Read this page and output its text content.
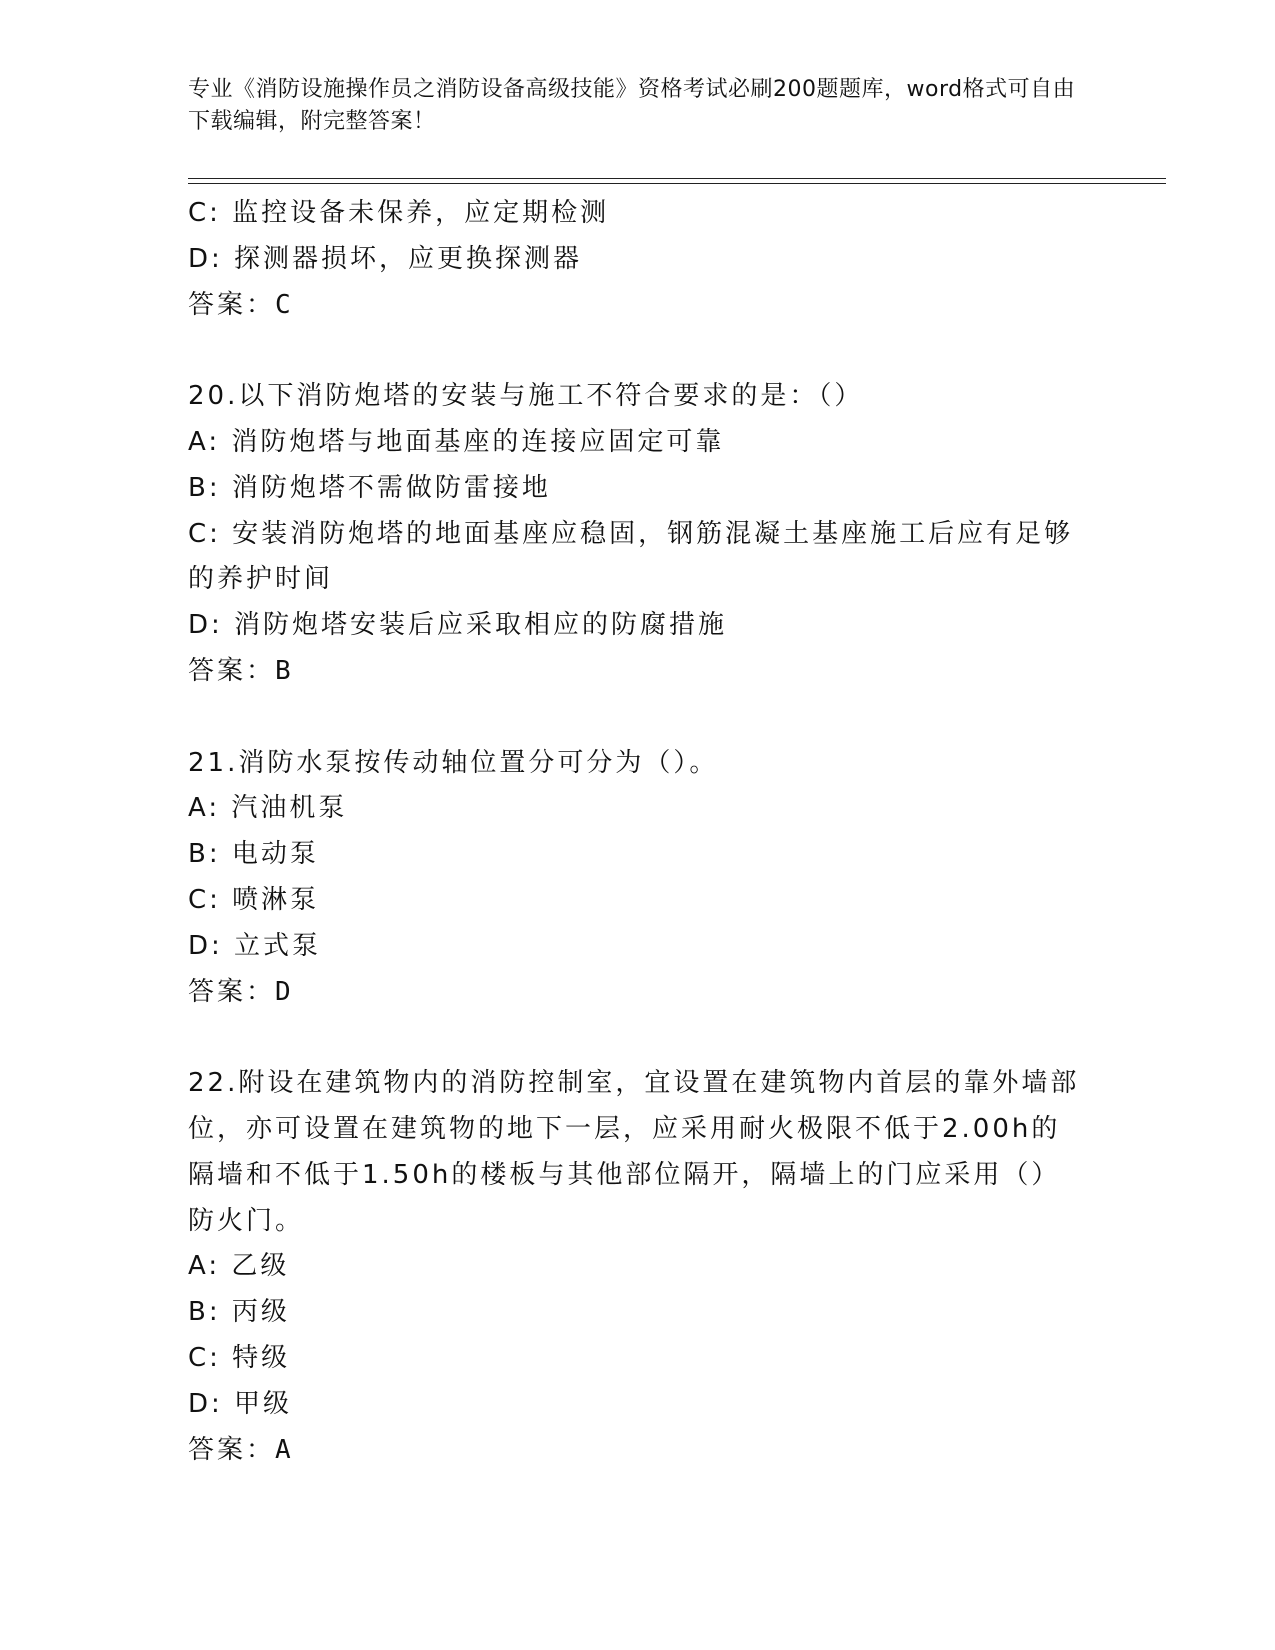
专业《消防设施操作员之消防设备高级技能》资格考试必刷200题题库，word格式可自由下载编辑，附完整答案！

C: 监控设备未保养，应定期检测

D: 探测器损坏，应更换探测器

答案：C

20.以下消防炮塔的安装与施工不符合要求的是：（）

A: 消防炮塔与地面基座的连接应固定可靠

B: 消防炮塔不需做防雷接地

C: 安装消防炮塔的地面基座应稳固，钢筋混凝土基座施工后应有足够的养护时间

D: 消防炮塔安装后应采取相应的防腐措施

答案：B

21.消防水泵按传动轴位置分可分为（）。

A: 汽油机泵

B: 电动泵

C: 喷淋泵

D: 立式泵

答案：D

22.附设在建筑物内的消防控制室，宜设置在建筑物内首层的靠外墙部位，亦可设置在建筑物的地下一层，应采用耐火极限不低于2.00h的隔墙和不低于1.50h的楼板与其他部位隔开，隔墙上的门应采用（）防火门。

A: 乙级

B: 丙级

C: 特级

D: 甲级

答案：A
